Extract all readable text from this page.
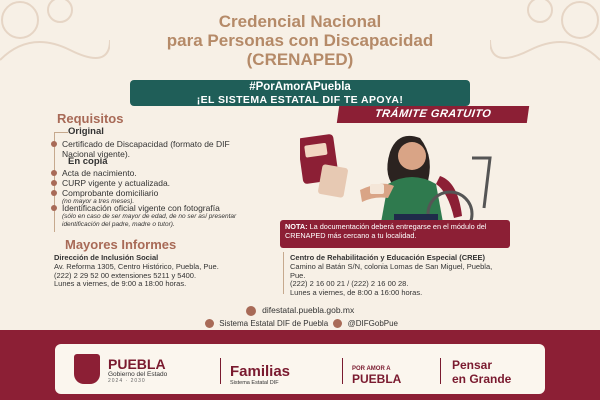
Credencial Nacional
para Personas con Discapacidad
(CRENAPED)
#PorAmorAPuebla
¡EL SISTEMA ESTATAL DIF TE APOYA!
TRÁMITE GRATUITO
Requisitos
Original
Certificado de Discapacidad (formato de DIF Nacional vigente).
En copia
Acta de nacimiento.
CURP vigente y actualizada.
Comprobante domiciliario
(no mayor a tres meses).
Identificación oficial vigente con fotografía
(sólo en caso de ser mayor de edad, de no ser así presentar identificación del padre, madre o tutor).	NOTA: La documentación deberá entregarse en el módulo del CRENAPED más cercano a tu localidad.
Mayores Informes
Dirección de Inclusión Social
Av. Reforma 1305, Centro Histórico, Puebla, Pue.
(222) 2 29 52 00 extensiones 5211 y 5400.
Lunes a viernes, de 9:00 a 18:00 horas.
Centro de Rehabilitación y Educación Especial (CREE)
Camino al Batán S/N, colonia Lomas de San Miguel, Puebla, Pue.
(222) 2 16 00 21 / (222) 2 16 00 28.
Lunes a viernes, de 8:00 a 16:00 horas.
difestatal.puebla.gob.mx
Sistema Estatal DIF de Puebla @DIFGobPue
PUEBLA
Gobierno del Estado
2024 · 2030
Familias
Sistema Estatal DIF
POR AMOR A
PUEBLA
Pensar
en Grande
